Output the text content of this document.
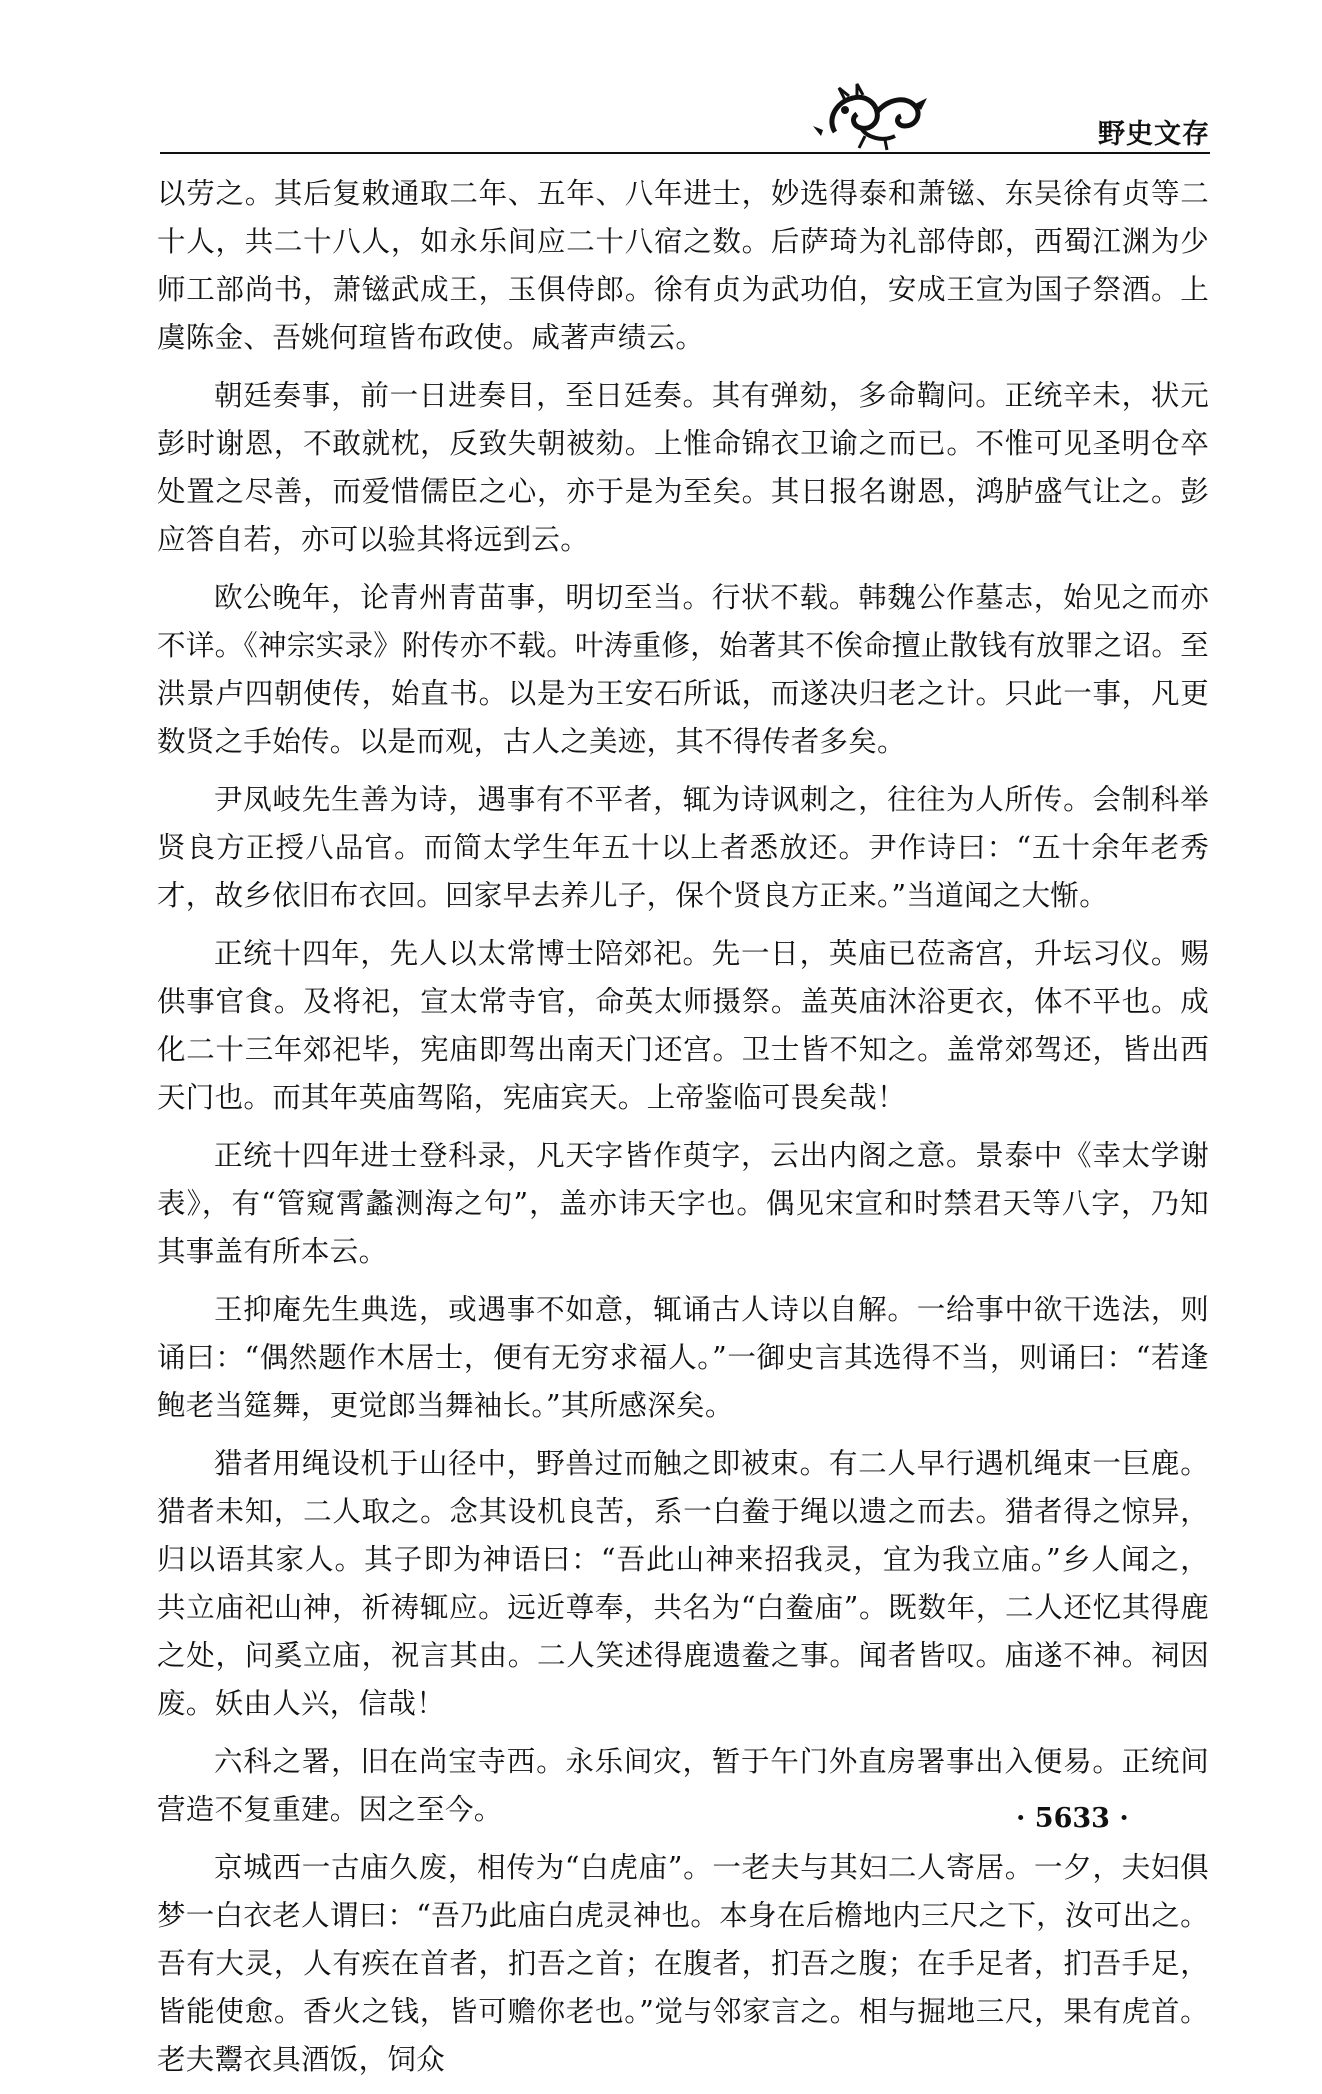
野史文存

以劳之。其后复敕通取二年、五年、八年进士，妙选得泰和萧镃、东吴徐有贞等二十人，共二十八人，如永乐间应二十八宿之数。后萨琦为礼部侍郎，西蜀江渊为少师工部尚书，萧镃武成王，玉俱侍郎。徐有贞为武功伯，安成王宣为国子祭酒。上虞陈金、吾姚何瑄皆布政使。咸著声绩云。

朝廷奏事，前一日进奏目，至日廷奏。其有弹劾，多命鞫问。正统辛未，状元彭时谢恩，不敢就枕，反致失朝被劾。上惟命锦衣卫谕之而已。不惟可见圣明仓卒处置之尽善，而爱惜儒臣之心，亦于是为至矣。其日报名谢恩，鸿胪盛气让之。彭应答自若，亦可以验其将远到云。

欧公晚年，论青州青苗事，明切至当。行状不载。韩魏公作墓志，始见之而亦不详。《神宗实录》附传亦不载。叶涛重修，始著其不俟命擅止散钱有放罪之诏。至洪景卢四朝使传，始直书。以是为王安石所诋，而遂决归老之计。只此一事，凡更数贤之手始传。以是而观，古人之美迹，其不得传者多矣。

尹凤岐先生善为诗，遇事有不平者，辄为诗讽刺之，往往为人所传。会制科举贤良方正授八品官。而简太学生年五十以上者悉放还。尹作诗曰：“五十余年老秀才，故乡依旧布衣回。回家早去养儿子，保个贤良方正来。”当道闻之大惭。

正统十四年，先人以太常博士陪郊祀。先一日，英庙已莅斋宫，升坛习仪。赐供事官食。及将祀，宣太常寺官，命英太师摄祭。盖英庙沐浴更衣，体不平也。成化二十三年郊祀毕，宪庙即驾出南天门还宫。卫士皆不知之。盖常郊驾还，皆出西天门也。而其年英庙驾陷，宪庙宾天。上帝鉴临可畏矣哉！

正统十四年进士登科录，凡天字皆作萸字，云出内阁之意。景泰中《幸太学谢表》，有“管窥霄蠡测海之句”，盖亦讳天字也。偶见宋宣和时禁君天等八字，乃知其事盖有所本云。

王抑庵先生典选，或遇事不如意，辄诵古人诗以自解。一给事中欲干选法，则诵曰：“偶然题作木居士，便有无穷求福人。”一御史言其选得不当，则诵曰：“若逢鲍老当筵舞，更觉郎当舞袖长。”其所感深矣。

猎者用绳设机于山径中，野兽过而触之即被束。有二人早行遇机绳束一巨鹿。猎者未知，二人取之。念其设机良苦，系一白鲞于绳以遗之而去。猎者得之惊异，归以语其家人。其子即为神语曰：“吾此山神来招我灵，宜为我立庙。”乡人闻之，共立庙祀山神，祈祷辄应。远近尊奉，共名为“白鲞庙”。既数年，二人还忆其得鹿之处，问奚立庙，祝言其由。二人笑述得鹿遗鲞之事。闻者皆叹。庙遂不神。祠因废。妖由人兴，信哉！

六科之署，旧在尚宝寺西。永乐间灾，暂于午门外直房署事出入便易。正统间营造不复重建。因之至今。

京城西一古庙久废，相传为“白虎庙”。一老夫与其妇二人寄居。一夕，夫妇俱梦一白衣老人谓曰：“吾乃此庙白虎灵神也。本身在后檐地内三尺之下，汝可出之。吾有大灵，人有疾在首者，扪吾之首；在腹者，扪吾之腹；在手足者，扪吾手足，皆能使愈。香火之钱，皆可赡你老也。”觉与邻家言之。相与掘地三尺，果有虎首。老夫鬻衣具酒饭，饲众

· 5633 ·
